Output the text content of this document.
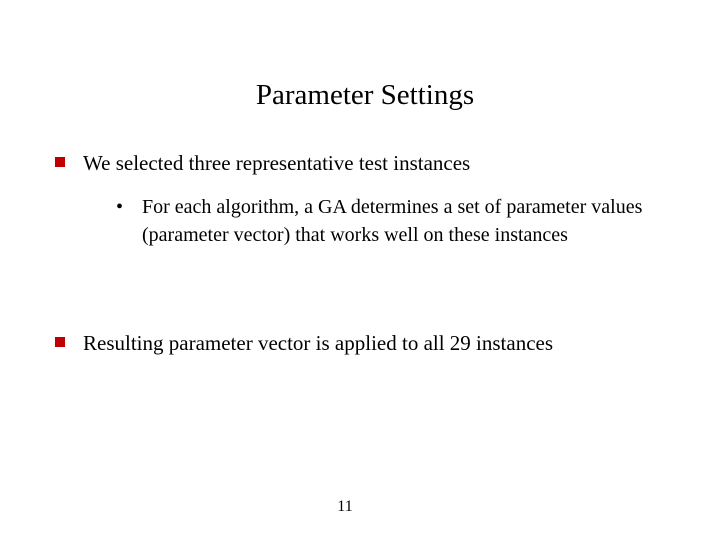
Parameter Settings
We selected three representative test instances
• For each algorithm, a GA determines a set of parameter values (parameter vector) that works well on these instances
Resulting parameter vector is applied to all 29 instances
11
